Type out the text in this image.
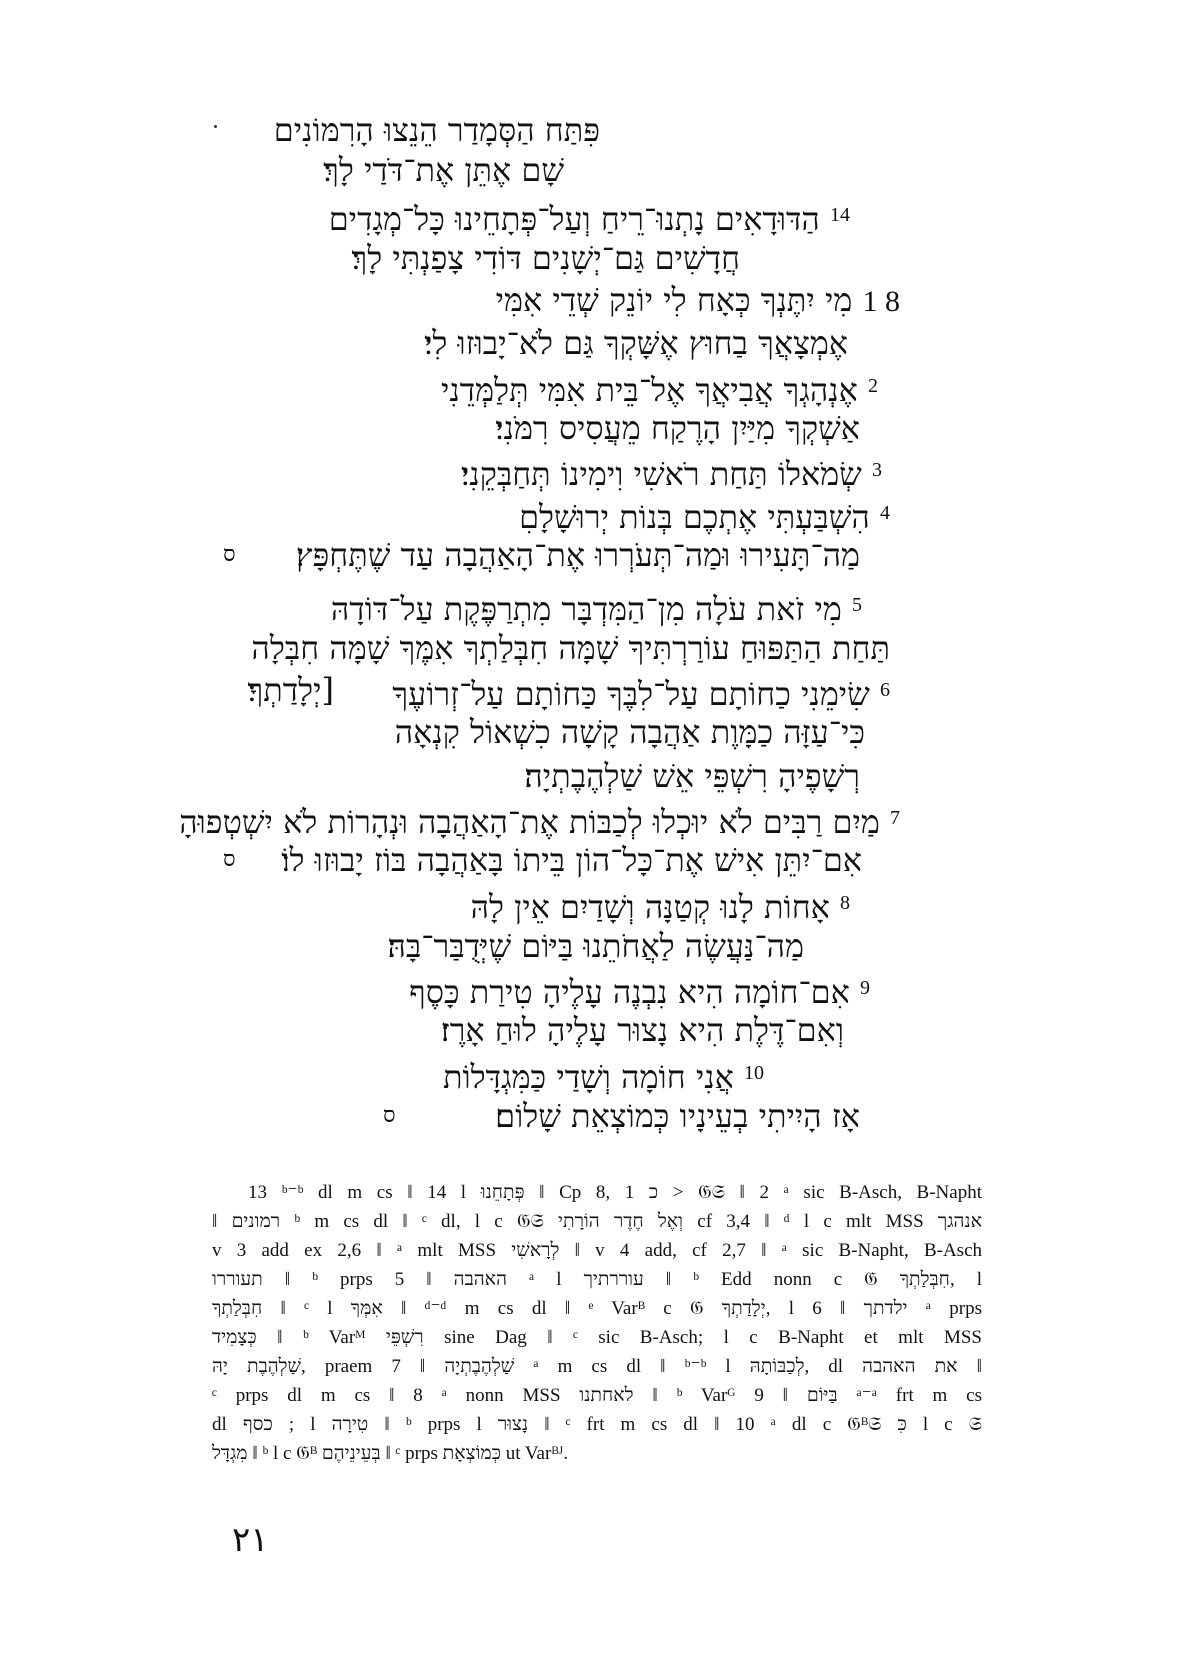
פִּתַּח הַסְּמָדַר הֵנֵצוּ הָרִמּוֹנִים
שָׁם אֶתֵּן אֶת־דֹּדַי לָךְ׃
$^{14}$ הַדּוּדָאִים נָתְנוּ־רֵיחַ וְעַל־פְּתָחֵינוּ כָּל־מְגָדִים
חֲדָשִׁים גַּם־יְשָׁנִים דּוֹדִי צָפַנְתִּי לָךְ׃
8 1 מִי יִתֶּנְךָ כְּאָח לִי יוֹנֵק שְׁדֵי אִמִּי
אֶמְצָאֲךָ בַחוּץ אֶשָּׁקְךָ גַּם לֹא־יָבוּזוּ לִי׃
$^2$ אֶנְהָגְךָ אֲבִיאֲךָ אֶל־בֵּית אִמִּי תְּלַמְּדֵנִי
אַשְׁקְךָ מִיַּיִן הָרֶקַח מֵעֲסִיס רִמֹּנִי׃
$^3$ שְׂמֹאלוֹ תַּחַת רֹאשִׁי וִימִינוֹ תְּחַבְּקֵנִי׃
$^4$ הִשְׁבַּעְתִּי אֶתְכֶם בְּנוֹת יְרוּשָׁלָםִ
מַה־תָּעִירוּ וּמַה־תְּעֹרְרוּ אֶת־הָאַהֲבָה עַד שֶׁתֶּחְפָּץ׃
$^5$ מִי זֹאת עֹלָה מִן־הַמִּדְבָּר מִתְרַפֶּקֶת עַל־דּוֹדָהּ
תַּחַת הַתַּפּוּחַ עוֹרַרְתִּיךָ שָׁמָּה חִבְּלַתְךָ אִמֶּךָ שָׁמָּה חִבְּלָה
$^6$ שִׂימֵנִי כַחוֹתָם עַל־לִבֶּךָ כַּחוֹתָם עַל־זְרוֹעֶךָ
[יְלָדַתְךָ׃
כִּי־עַזָּה כַמָּוֶת אַהֲבָה קָשָׁה כִשְׁאוֹל קִנְאָה
רְשָׁפֶיהָ רִשְׁפֵּי אֵשׁ שַׁלְהֶבֶתְיָה׃
$^7$ מַיִם רַבִּים לֹא יוּכְלוּ לְכַבּוֹת אֶת־הָאַהֲבָה וּנְהָרוֹת לֹא יִשְׁטְפוּהָ
אִם־יִתֵּן אִישׁ אֶת־כָּל־הוֹן בֵּיתוֹ בָּאַהֲבָה בּוֹז יָבוּזוּ לוֹ׃
$^8$ אָחוֹת לָנוּ קְטַנָּה וְשָׁדַיִם אֵין לָהּ
מַה־נַּעֲשֶׂה לַאֲחֹתֵנוּ בַּיּוֹם שֶׁיְּדֻבַּר־בָּהּ׃
$^9$ אִם־חוֹמָה הִיא נִבְנֶה עָלֶיהָ טִירַת כָּסֶף
וְאִם־דֶּלֶת הִיא נָצוּר עָלֶיהָ לוּחַ אָרֶז׃
$^{10}$ אֲנִי חוֹמָה וְשָׁדַי כַּמִּגְדָּלוֹת
אָז הָיִיתִי בְעֵינָיו כְּמוֹצְאֵת שָׁלוֹם׃
ס
ס
ס
13 ᵇ⁻ᵇ dl m cs ‖ 14 l פְּתָחֵנוּ ‖ Cp 8, 1 כ > 𝔊𝔖 ‖ 2 ᵃ sic B-Asch, B-Napht
‖ רמונים ᵇ m cs dl ‖ ᶜ dl, l c 𝔊𝔖 וְאֶל חֶדֶר הוֹרָתִי cf 3,4 ‖ ᵈ l c mlt MSS אנהגך
v 3 add ex 2,6 ‖ ᵃ mlt MSS לְרָאשִׁי ‖ v 4 add, cf 2,7 ‖ ᵃ sic B-Napht, B-Asch
תעוררו ‖ ᵇ prps האהבה ‖ 5 ᵃ l עוררתיך ‖ ᵇ Edd nonn c 𝔊 חִבְּלַתְךָ, l
חִבְּלַתְךָ ‖ ᶜ l אִמְּךָ ‖ ᵈ⁻ᵈ m cs dl ‖ ᵉ Varᴮ c 𝔊 יְלָדַתְךָ, l ילדתך ‖ 6 ᵃ prps
כְּצָמִיד ‖ ᵇ Varᴹ רִשְׁפֵּי sine Dag ‖ ᶜ sic B-Asch; l c B-Napht et mlt MSS
שַׁלְהֶבֶת יָהּ, praem שַׁלְהֶבֶתְיָה ‖ 7 ᵃ m cs dl ‖ ᵇ⁻ᵇ l לְכַבּוֹתָהּ, dl את האהבה ‖
ᶜ prps dl m cs ‖ 8 ᵃ nonn MSS לאחתנו ‖ ᵇ Varᴳ בַּיּוֹם ‖ 9 ᵃ⁻ᵃ frt m cs
dl כסף ; l טִירָה ‖ ᵇ prps l נָצוּר ‖ ᶜ frt m cs dl ‖ 10 ᵃ dl c 𝔊ᴮ𝔖 כִּ l c 𝔖
מִגְדָּל ‖ ᵇ l c 𝔊ᴮ בְּעֵינֵיהֶם ‖ ᶜ prps כְּמוֹצְאָת ut Varᴮᴶ.
٢١
